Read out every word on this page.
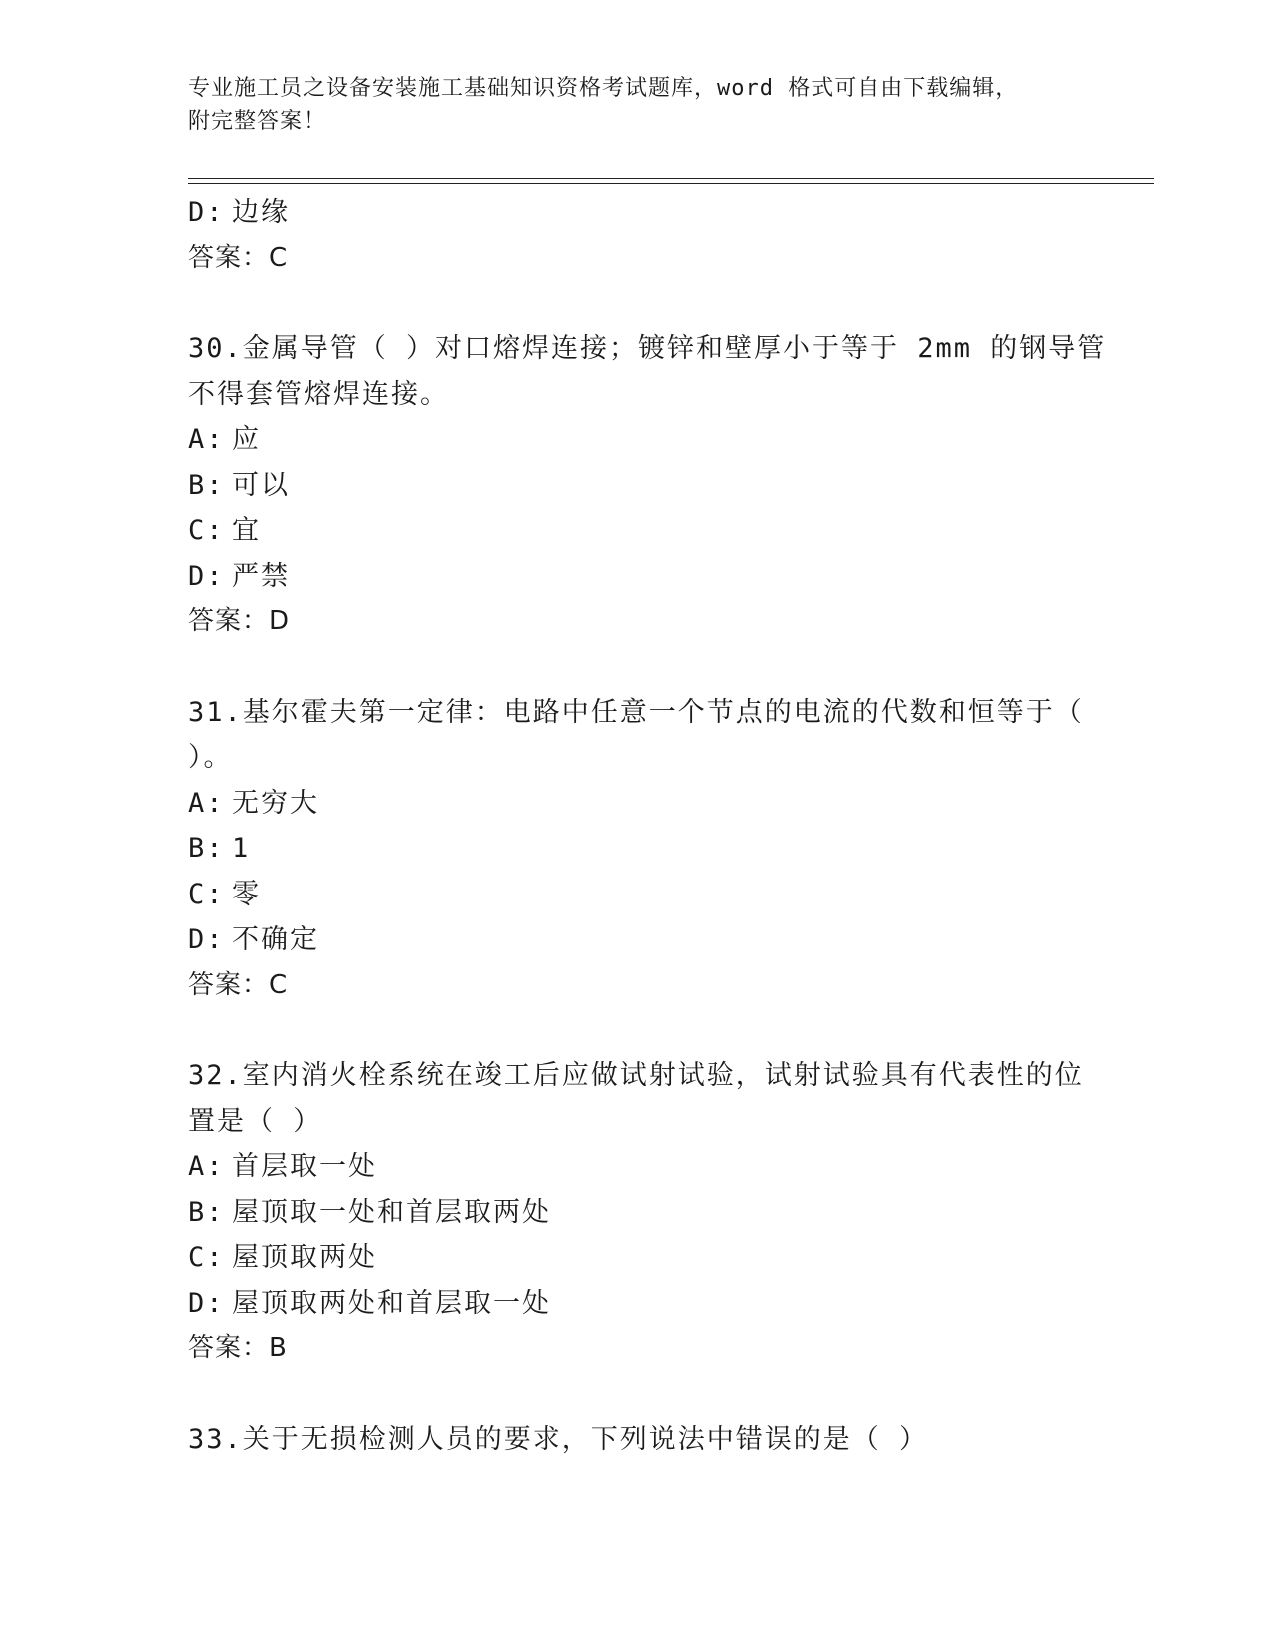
专业施工员之设备安装施工基础知识资格考试题库，word 格式可自由下载编辑，
附完整答案！
D: 边缘
答案：C
30.金属导管（ ）对口熔焊连接；镀锌和壁厚小于等于 2mm 的钢导管
不得套管熔焊连接。
A: 应
B: 可以
C: 宜
D: 严禁
答案：D
31.基尔霍夫第一定律：电路中任意一个节点的电流的代数和恒等于（
）。
A: 无穷大
B: 1
C: 零
D: 不确定
答案：C
32.室内消火栓系统在竣工后应做试射试验，试射试验具有代表性的位
置是（ ）
A: 首层取一处
B: 屋顶取一处和首层取两处
C: 屋顶取两处
D: 屋顶取两处和首层取一处
答案：B
33.关于无损检测人员的要求，下列说法中错误的是（ ）
